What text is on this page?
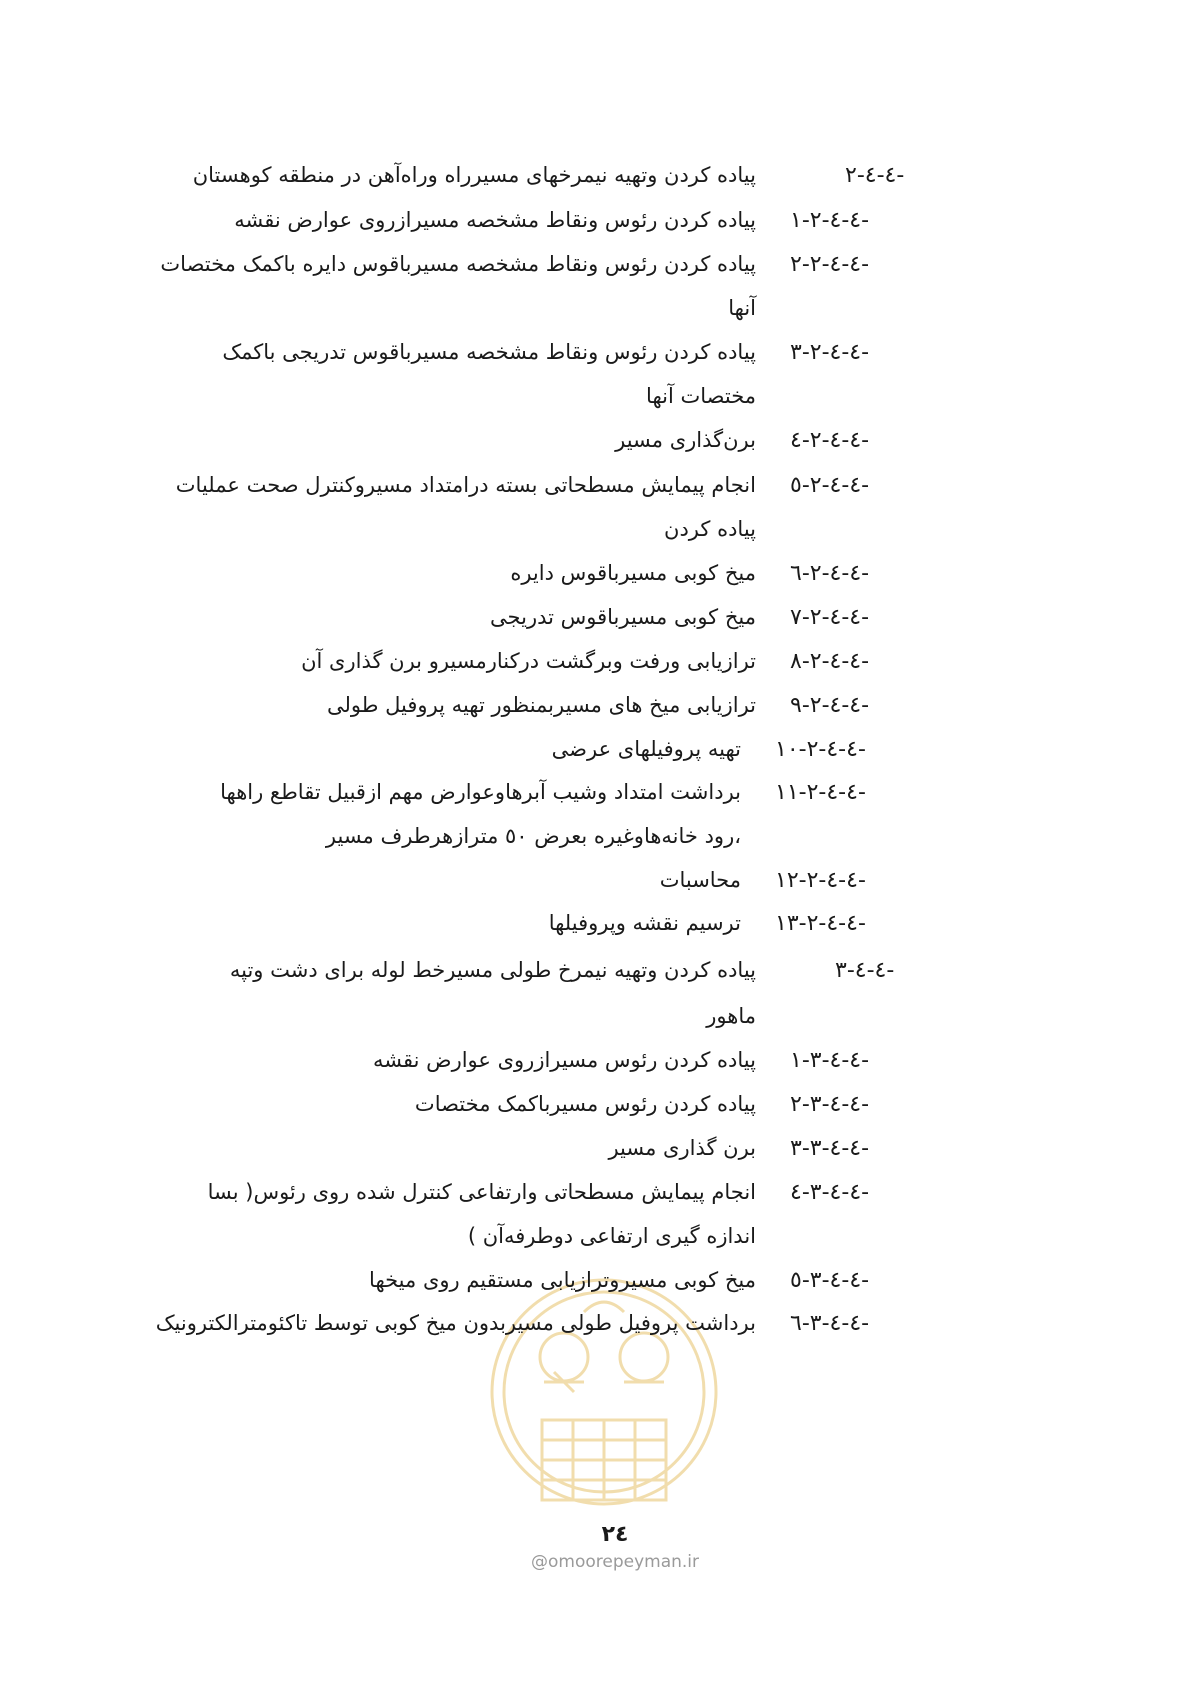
۲-٤-٤-
پیاده کردن وتهیه نیمرخهای مسیرراه وراه‌آهن در منطقه کوهستان
۱-۲-٤-٤-
پیاده کردن رئوس ونقاط مشخصه مسیرازروی عوارض نقشه
۲-۲-٤-٤-
پیاده کردن رئوس ونقاط مشخصه مسیرباقوس دایره باکمک مختصات
آنها
۳-۲-٤-٤-
پیاده کردن رئوس ونقاط مشخصه مسیرباقوس تدریجی باکمک
مختصات آنها
٤-۲-٤-٤-
برن‌گذاری مسیر
٥-۲-٤-٤-
انجام پیمایش مسطحاتی بسته درامتداد مسیروکنترل صحت عملیات
پیاده کردن
٦-۲-٤-٤-
میخ کوبی مسیرباقوس دایره
۷-۲-٤-٤-
میخ کوبی مسیرباقوس تدریجی
۸-۲-٤-٤-
ترازیابی ورفت وبرگشت درکنارمسیرو برن گذاری آن
۹-۲-٤-٤-
ترازیابی میخ های مسیربمنظور تهیه پروفیل طولی
۱۰-۲-٤-٤-
تهیه پروفیلهای عرضی
۱۱-۲-٤-٤-
برداشت امتداد وشیب آبرهاوعوارض مهم ازقبیل تقاطع راهها
،رود خانه‌هاوغیره بعرض ٥٠ مترازهرطرف مسیر
۱۲-۲-٤-٤-
محاسبات
۱۳-۲-٤-٤-
ترسیم نقشه وپروفیلها
۳-٤-٤-
پیاده کردن وتهیه نیمرخ طولی مسیرخط لوله برای دشت وتپه
ماهور
۱-۳-٤-٤-
پیاده کردن رئوس مسیرازروی عوارض نقشه
۲-۳-٤-٤-
پیاده کردن رئوس مسیرباکمک مختصات
۳-۳-٤-٤-
برن گذاری مسیر
٤-۳-٤-٤-
انجام پیمایش مسطحاتی وارتفاعی کنترل شده روی رئوس( بسا
اندازه گیری ارتفاعی دوطرفه‌آن )
٥-۳-٤-٤-
میخ کوبی مسیروترازیابی مستقیم روی میخها
٦-۳-٤-٤-
برداشت پروفیل طولی مسیربدون میخ کوبی توسط تاکئومترالکترونیک
۲٤
@omoorepeyman.ir
